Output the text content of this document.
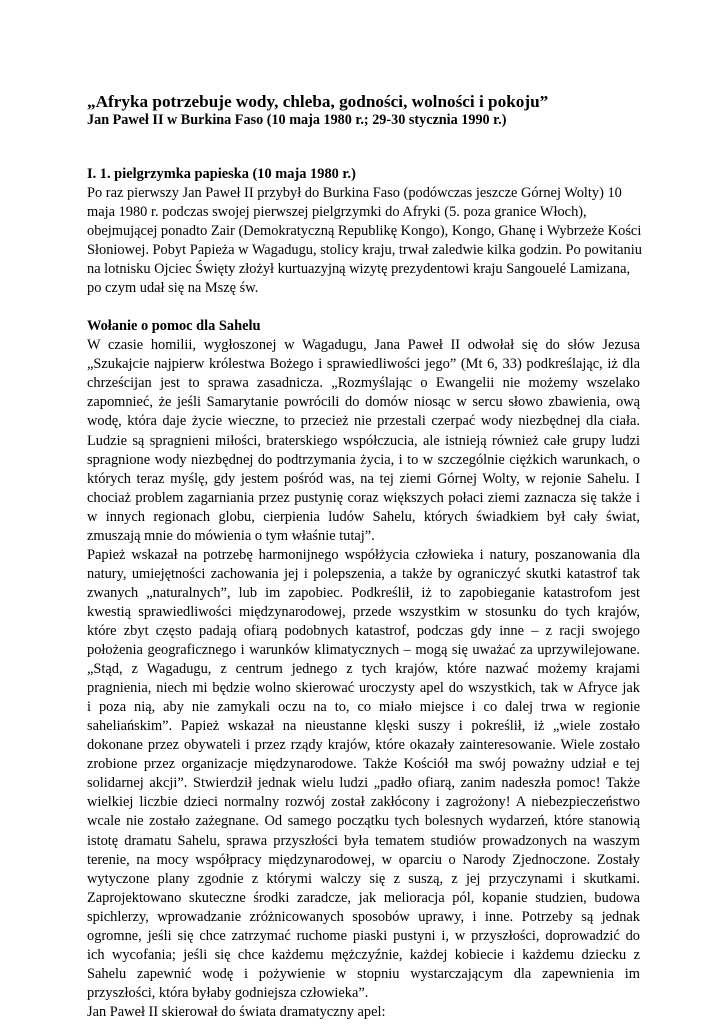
„Afryka potrzebuje wody, chleba, godności, wolności i pokoju”
Jan Paweł II w Burkina Faso (10 maja 1980 r.; 29-30 stycznia 1990 r.)
I. 1. pielgrzymka papieska (10 maja 1980 r.)

Po raz pierwszy Jan Paweł II przybył do Burkina Faso (podówczas jeszcze Górnej Wolty) 10
maja 1980 r. podczas swojej pierwszej pielgrzymki do Afryki (5. poza granice Włoch),
obejmującej ponadto Zair (Demokratyczną Republikę Kongo), Kongo, Ghanę i Wybrzeże Kości
Słoniowej. Pobyt Papieża w Wagadugu, stolicy kraju, trwał zaledwie kilka godzin. Po powitaniu
na lotnisku Ojciec Święty złożył kurtuazyjną wizytę prezydentowi kraju Sangouelé Lamizana,
po czym udał się na Mszę św.

Wołanie o pomoc dla Sahelu

W czasie homilii, wygłoszonej w Wagadugu, Jana Paweł II odwołał się do słów Jezusa
„Szukajcie najpierw królestwa Bożego i sprawiedliwości jego” (Mt 6, 33) podkreślając, iż dla
chrześcijan jest to sprawa zasadnicza. „Rozmyślając o Ewangelii nie możemy wszelako
zapomnieć, że jeśli Samarytanie powrócili do domów niosąc w sercu słowo zbawienia, ową
wodę, która daje życie wieczne, to przecież nie przestali czerpać wody niezbędnej dla ciała.
Ludzie są spragnieni miłości, braterskiego współczucia, ale istnieją również całe grupy ludzi
spragnione wody niezbędnej do podtrzymania życia, i to w szczególnie ciężkich warunkach, o
których teraz myślę, gdy jestem pośród was, na tej ziemi Górnej Wolty, w rejonie Sahelu. I
chociaż problem zagarniania przez pustynię coraz większych połaci ziemi zaznacza się także i
w innych regionach globu, cierpienia ludów Sahelu, których świadkiem był cały świat,
zmuszają mnie do mówienia o tym właśnie tutaj”.

Papież wskazał na potrzebę harmonijnego współżycia człowieka i natury, poszanowania dla
natury, umiejętności zachowania jej i polepszenia, a także by ograniczyć skutki katastrof tak
zwanych „naturalnych”, lub im zapobiec. Podkreślił, iż to zapobieganie katastrofom jest
kwestią sprawiedliwości międzynarodowej, przede wszystkim w stosunku do tych krajów,
które zbyt często padają ofiarą podobnych katastrof, podczas gdy inne – z racji swojego
położenia geograficznego i warunków klimatycznych – mogą się uważać za uprzywilejowane.
„Stąd, z Wagadugu, z centrum jednego z tych krajów, które nazwać możemy krajami
pragnienia, niech mi będzie wolno skierować uroczysty apel do wszystkich, tak w Afryce jak
i poza nią, aby nie zamykali oczu na to, co miało miejsce i co dalej trwa w regionie
saheliańskim”. Papież wskazał na nieustanne klęski suszy i pokreślił, iż „wiele zostało
dokonane przez obywateli i przez rządy krajów, które okazały zainteresowanie. Wiele zostało
zrobione przez organizacje międzynarodowe. Także Kościół ma swój poważny udział e tej
solidarnej akcji”. Stwierdził jednak wielu ludzi „padło ofiarą, zanim nadeszła pomoc! Także
wielkiej liczbie dzieci normalny rozwój został zakłócony i zagrożony! A niebezpieczeństwo
wcale nie zostało zażegnane. Od samego początku tych bolesnych wydarzeń, które stanowią
istotę dramatu Sahelu, sprawa przyszłości była tematem studiów prowadzonych na waszym
terenie, na mocy współpracy międzynarodowej, w oparciu o Narody Zjednoczone. Zostały
wytyczone plany zgodnie z którymi walczy się z suszą, z jej przyczynami i skutkami.
Zaprojektowano skuteczne środki zaradcze, jak melioracja pól, kopanie studzien, budowa
spichlerzy, wprowadzanie zróżnicowanych sposobów uprawy, i inne. Potrzeby są jednak
ogromne, jeśli się chce zatrzymać ruchome piaski pustyni i, w przyszłości, doprowadzić do
ich wycofania; jeśli się chce każdemu mężczyźnie, każdej kobiecie i każdemu dziecku z
Sahelu zapewnić wodę i pożywienie w stopniu wystarczającym dla zapewnienia im
przyszłości, która byłaby godniejsza człowieka”.

Jan Paweł II skierował do świata dramatyczny apel:
